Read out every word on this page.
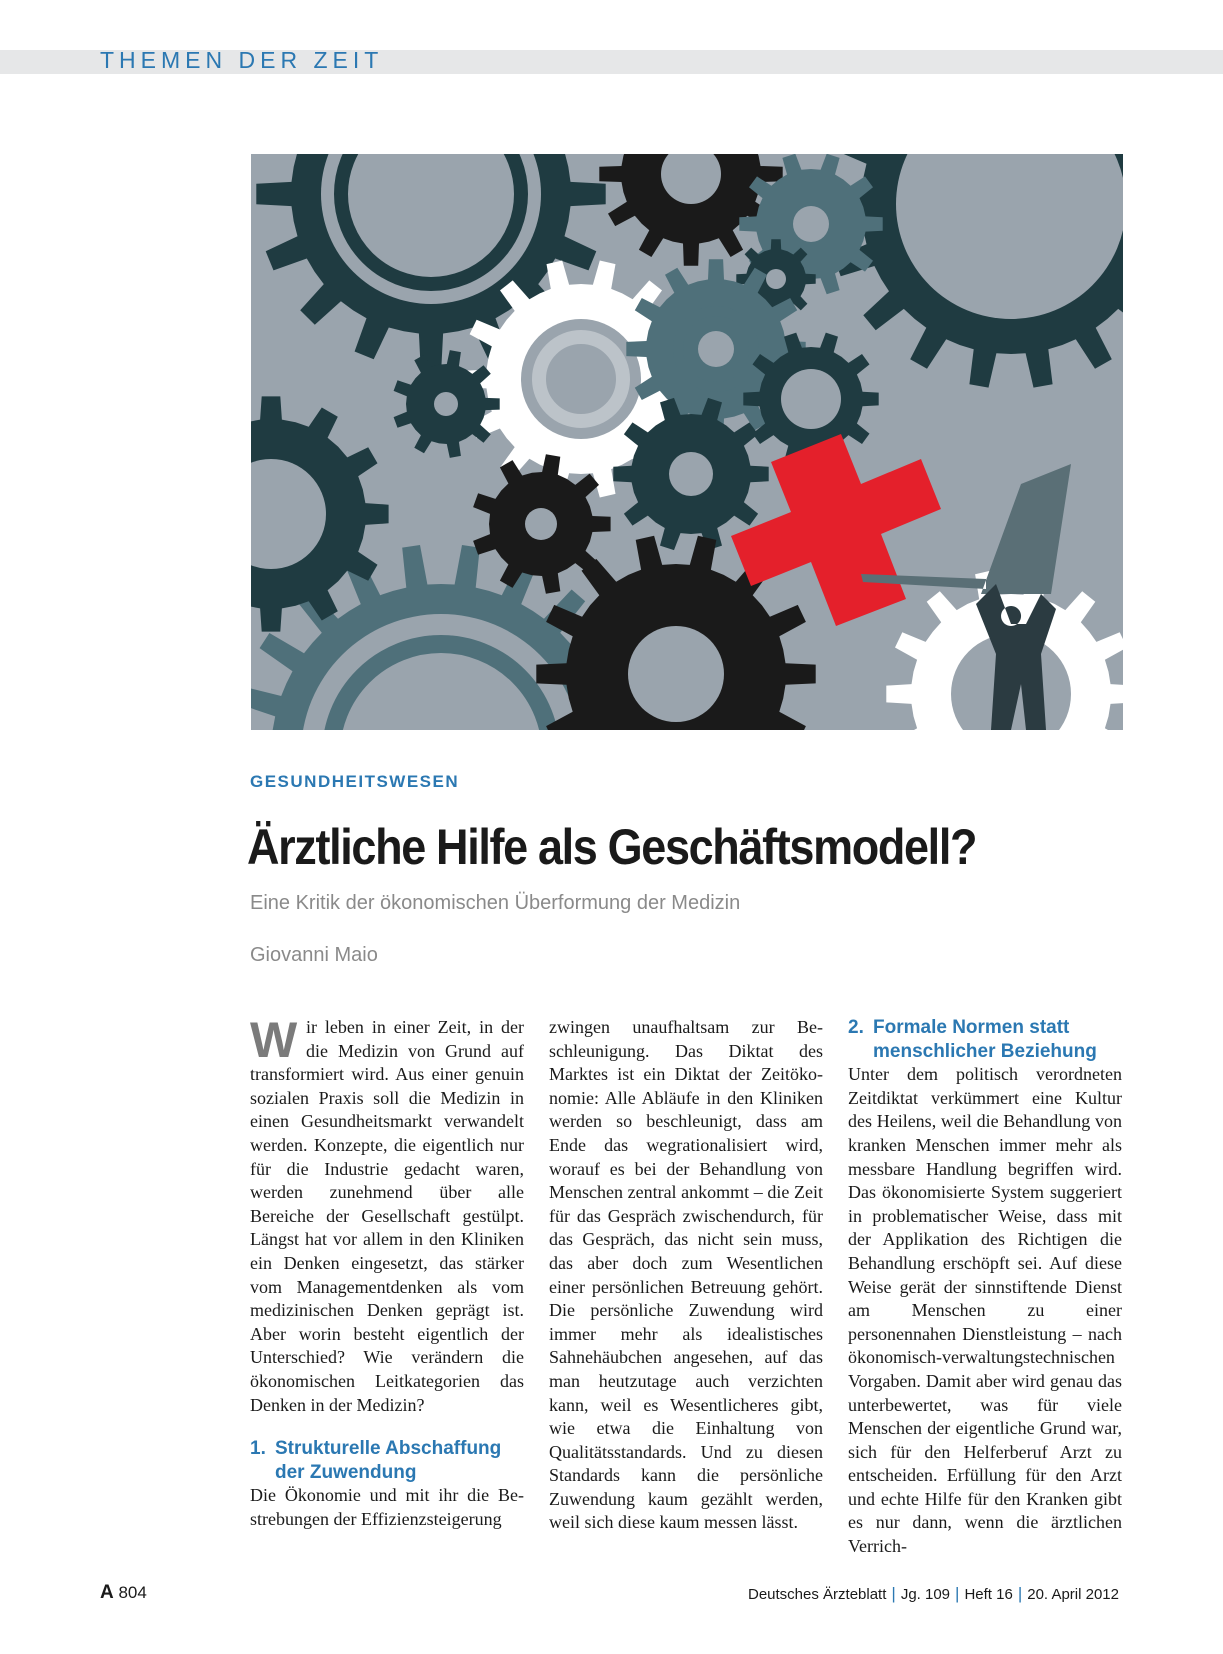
THEMEN DER ZEIT
GESUNDHEITSWESEN
Ärztliche Hilfe als Geschäftsmodell?
Eine Kritik der ökonomischen Überformung der Medizin
Giovanni Maio

Wir leben in einer Zeit, in der die Medizin von Grund auf transformiert wird. Aus einer genuin sozialen Praxis soll die Medizin in einen Gesundheitsmarkt verwandelt werden. Konzepte, die eigentlich nur für die Industrie gedacht waren, werden zunehmend über alle Bereiche der Gesellschaft gestülpt. Längst hat vor allem in den Kliniken ein Denken eingesetzt, das stärker vom Managementdenken als vom medizinischen Denken geprägt ist. Aber worin besteht eigentlich der Unterschied? Wie verändern die ökonomischen Leitkategorien das Denken in der Medizin?

1. Strukturelle Abschaffung der Zuwendung

Die Ökonomie und mit ihr die Bestrebungen der Effizienzsteigerung

zwingen unaufhaltsam zur Beschleunigung. Das Diktat des Marktes ist ein Diktat der Zeitökonomie: Alle Abläufe in den Kliniken werden so beschleunigt, dass am Ende das wegrationalisiert wird, worauf es bei der Behandlung von Menschen zentral ankommt – die Zeit für das Gespräch zwischendurch, für das Gespräch, das nicht sein muss, das aber doch zum Wesentlichen einer persönlichen Betreuung gehört. Die persönliche Zuwendung wird immer mehr als idealistisches Sahnehäubchen angesehen, auf das man heutzutage auch verzichten kann, weil es Wesentlicheres gibt, wie etwa die Einhaltung von Qualitätsstandards. Und zu diesen Standards kann die persönliche Zuwendung kaum gezählt werden, weil sich diese kaum messen lässt.

2. Formale Normen statt menschlicher Beziehung

Unter dem politisch verordneten Zeitdiktat verkümmert eine Kultur des Heilens, weil die Behandlung von kranken Menschen immer mehr als messbare Handlung begriffen wird. Das ökonomisierte System suggeriert in problematischer Weise, dass mit der Applikation des Richtigen die Behandlung erschöpft sei. Auf diese Weise gerät der sinnstiftende Dienst am Menschen zu einer personennahen Dienstleistung – nach ökonomisch-verwaltungstechnischen Vorgaben. Damit aber wird genau das unterbewertet, was für viele Menschen der eigentliche Grund war, sich für den Helferberuf Arzt zu entscheiden. Erfüllung für den Arzt und echte Hilfe für den Kranken gibt es nur dann, wenn die ärztlichen Verrich-

A 804	Deutsches Ärzteblatt | Jg. 109 | Heft 16 | 20. April 2012
